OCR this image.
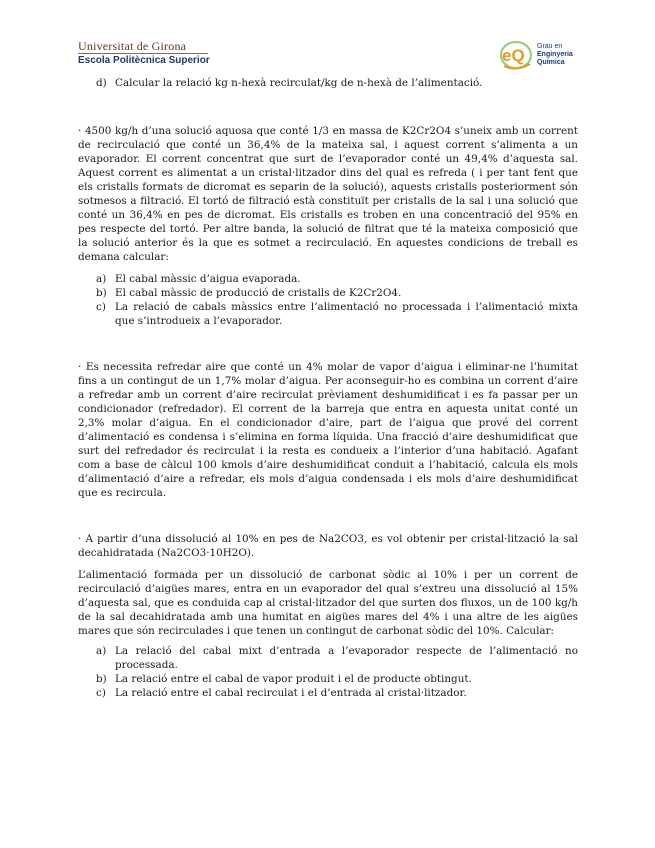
Universitat de Girona
Escola Politècnica Superior	eQ Grau en
Enginyeria
Química
d) Calcular la relació kg n-hexà recirculat/kg de n-hexà de l’alimentació.

· 4500 kg/h d’una solució aquosa que conté 1/3 en massa de K2Cr2O4 s’uneix amb un corrent de recirculació que conté un 36,4% de la mateixa sal, i aquest corrent s’alimenta a un evaporador. El corrent concentrat que surt de l’evaporador conté un 49,4% d’aquesta sal. Aquest corrent es alimentat a un cristal·litzador dins del qual es refreda ( i per tant fent que els cristalls formats de dicromat es separin de la solució), aquests cristalls posteriorment són sotmesos a filtració. El tortó de filtració està constituït per cristalls de la sal i una solució que conté un 36,4% en pes de dicromat. Els cristalls es troben en una concentració del 95% en pes respecte del tortó. Per altre banda, la solució de filtrat que té la mateixa composició que la solució anterior és la que es sotmet a recirculació. En aquestes condicions de treball es demana calcular:

a) El cabal màssic d’aigua evaporada.
b) El cabal màssic de producció de cristalls de K2Cr2O4.
c) La relació de cabals màssics entre l’alimentació no processada i l’alimentació mixta que s’introdueix a l’evaporador.

· Es necessita refredar aire que conté un 4% molar de vapor d’aigua i eliminar-ne l’humitat fins a un contingut de un 1,7% molar d’aigua. Per aconseguir-ho es combina un corrent d’aire a refredar amb un corrent d’aire recirculat prèviament deshumidificat i es fa passar per un condicionador (refredador). El corrent de la barreja que entra en aquesta unitat conté un 2,3% molar d’aigua. En el condicionador d’aire, part de l’aigua que prové del corrent d’alimentació es condensa i s’elimina en forma líquida. Una fracció d’aire deshumidificat que surt del refredador és recirculat i la resta es condueix a l’interior d’una habitació. Agafant com a base de càlcul 100 kmols d’aire deshumidificat conduit a l’habitació, calcula els mols d’alimentació d’aire a refredar, els mols d’aigua condensada i els mols d’aire deshumidificat que es recircula.

· A partir d’una dissolució al 10% en pes de Na2CO3, es vol obtenir per cristal·lització la sal decahidratada (Na2CO3·10H2O).

L’alimentació formada per un dissolució de carbonat sòdic al 10% i per un corrent de recirculació d’aigües mares, entra en un evaporador del qual s’extreu una dissolució al 15% d’aquesta sal, que es conduida cap al cristal·litzador del que surten dos fluxos, un de 100 kg/h de la sal decahidratada amb una humitat en aigües mares del 4% i una altre de les aigües mares que són recirculades i que tenen un contingut de carbonat sòdic del 10%. Calcular:

a) La relació del cabal mixt d’entrada a l’evaporador respecte de l’alimentació no processada.
b) La relació entre el cabal de vapor produit i el de producte obtingut.
c) La relació entre el cabal recirculat i el d’entrada al cristal·litzador.
